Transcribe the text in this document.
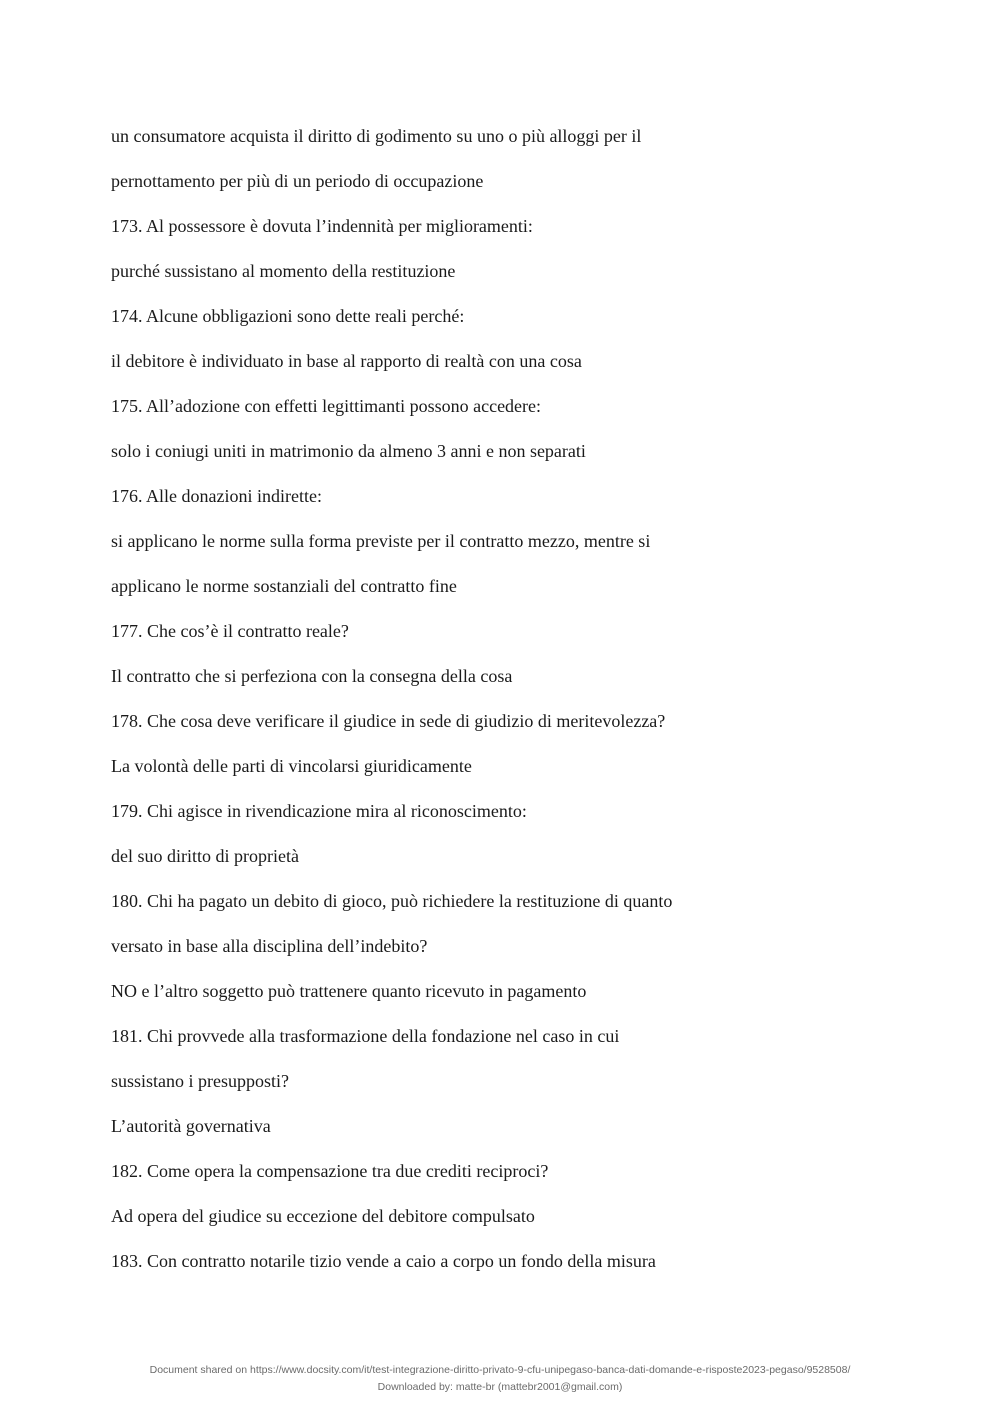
un consumatore acquista il diritto di godimento su uno o più alloggi per il
pernottamento per più di un periodo di occupazione
173. Al possessore è dovuta l’indennità per miglioramenti:
purché sussistano al momento della restituzione
174. Alcune obbligazioni sono dette reali perché:
il debitore è individuato in base al rapporto di realtà con una cosa
175. All’adozione con effetti legittimanti possono accedere:
solo i coniugi uniti in matrimonio da almeno 3 anni e non separati
176. Alle donazioni indirette:
si applicano le norme sulla forma previste per il contratto mezzo, mentre si
applicano le norme sostanziali del contratto fine
177. Che cos’è il contratto reale?
Il contratto che si perfeziona con la consegna della cosa
178. Che cosa deve verificare il giudice in sede di giudizio di meritevolezza?
La volontà delle parti di vincolarsi giuridicamente
179. Chi agisce in rivendicazione mira al riconoscimento:
del suo diritto di proprietà
180. Chi ha pagato un debito di gioco, può richiedere la restituzione di quanto
versato in base alla disciplina dell’indebito?
NO e l’altro soggetto può trattenere quanto ricevuto in pagamento
181. Chi provvede alla trasformazione della fondazione nel caso in cui
sussistano i presupposti?
L’autorità governativa
182. Come opera la compensazione tra due crediti reciproci?
Ad opera del giudice su eccezione del debitore compulsato
183. Con contratto notarile tizio vende a caio a corpo un fondo della misura
Document shared on https://www.docsity.com/it/test-integrazione-diritto-privato-9-cfu-unipegaso-banca-dati-domande-e-risposte2023-pegaso/9528508/
Downloaded by: matte-br (mattebr2001@gmail.com)
